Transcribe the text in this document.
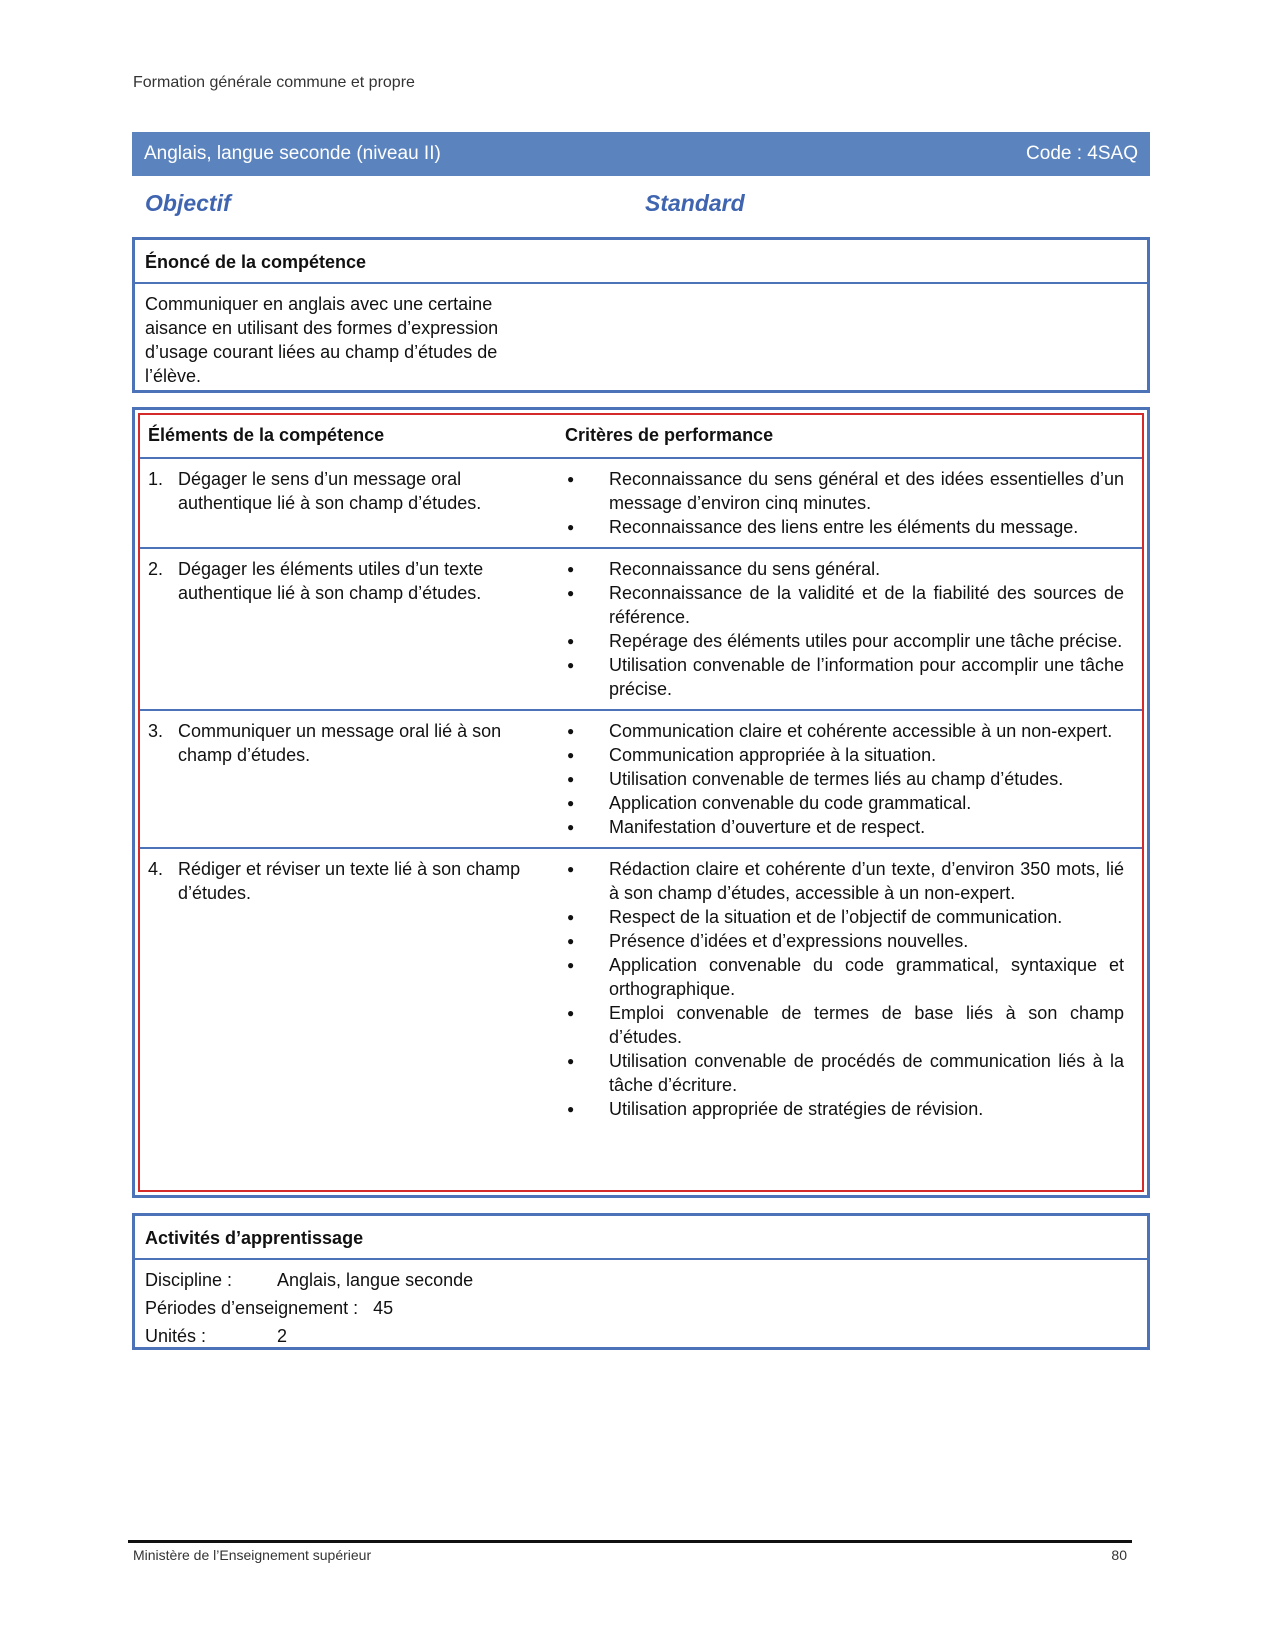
Formation générale commune et propre
Anglais, langue seconde (niveau II)	Code : 4SAQ
Objectif	Standard
Énoncé de la compétence
Communiquer en anglais avec une certaine aisance en utilisant des formes d’expression d’usage courant liées au champ d’études de l’élève.
Éléments de la compétence	Critères de performance
1. Dégager le sens d’un message oral authentique lié à son champ d’études.
●	Reconnaissance du sens général et des idées essentielles d’un message d’environ cinq minutes.
●	Reconnaissance des liens entre les éléments du message.
2. Dégager les éléments utiles d’un texte authentique lié à son champ d’études.
●	Reconnaissance du sens général.
●	Reconnaissance de la validité et de la fiabilité des sources de référence.
●	Repérage des éléments utiles pour accomplir une tâche précise.
●	Utilisation convenable de l’information pour accomplir une tâche précise.
3. Communiquer un message oral lié à son champ d’études.
●	Communication claire et cohérente accessible à un non-expert.
●	Communication appropriée à la situation.
●	Utilisation convenable de termes liés au champ d’études.
●	Application convenable du code grammatical.
●	Manifestation d’ouverture et de respect.
4. Rédiger et réviser un texte lié à son champ d’études.
●	Rédaction claire et cohérente d’un texte, d’environ 350 mots, lié à son champ d’études, accessible à un non-expert.
●	Respect de la situation et de l’objectif de communication.
●	Présence d’idées et d’expressions nouvelles.
●	Application convenable du code grammatical, syntaxique et orthographique.
●	Emploi convenable de termes de base liés à son champ d’études.
●	Utilisation convenable de procédés de communication liés à la tâche d’écriture.
●	Utilisation appropriée de stratégies de révision.
Activités d’apprentissage
Discipline : Anglais, langue seconde
Périodes d’enseignement : 45
Unités :	2
Ministère de l’Enseignement supérieur	80
